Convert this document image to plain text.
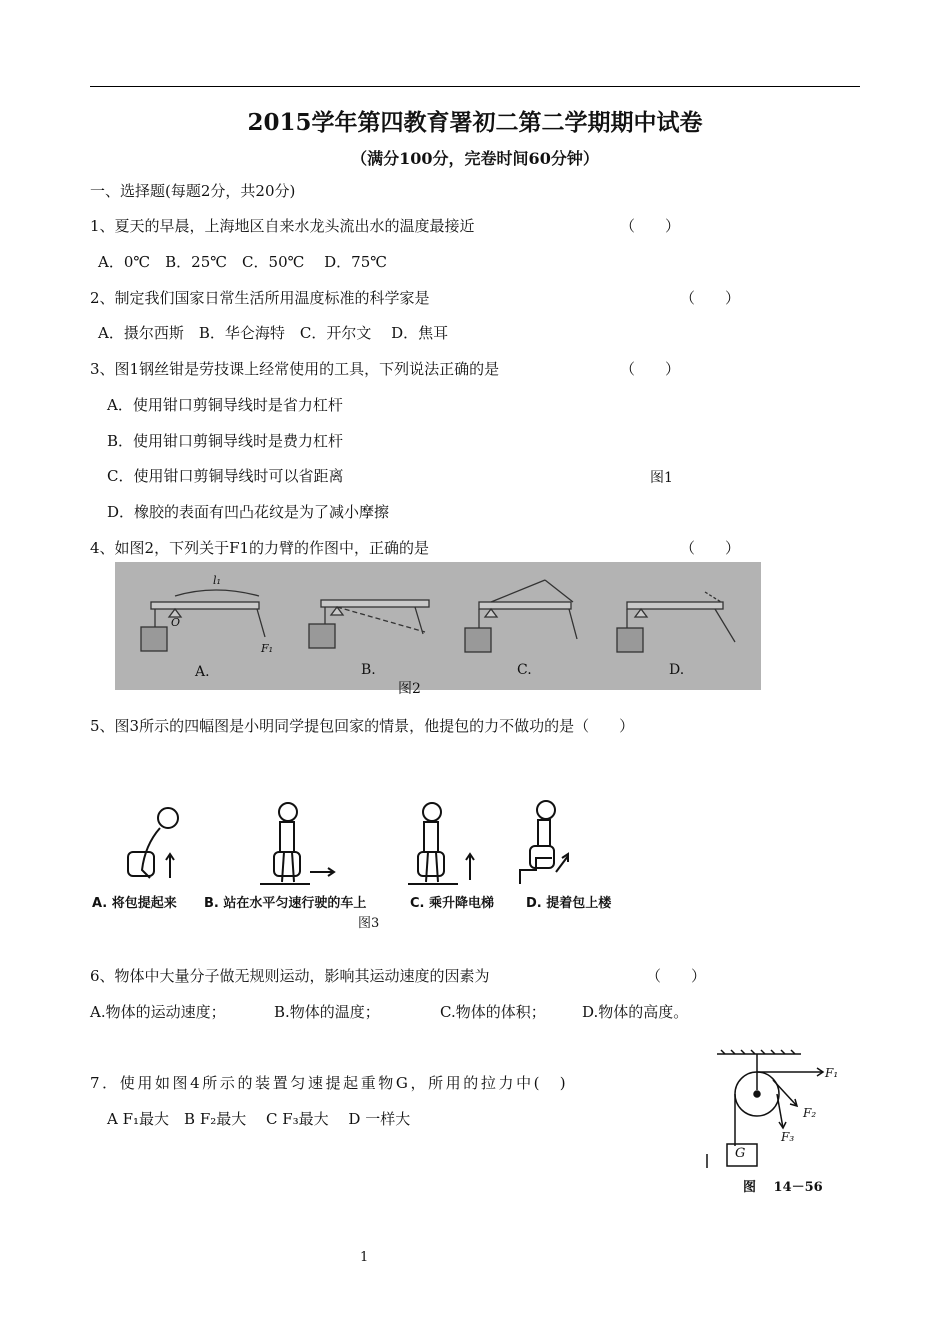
2015学年第四教育署初二第二学期期中试卷
（满分100分，完卷时间60分钟）
一、选择题(每题2分，共20分)
1、夏天的早晨，上海地区自来水龙头流出水的温度最接近	（　　）
A．0℃　B．25℃　C．50℃　 D．75℃
2、制定我们国家日常生活所用温度标准的科学家是	（　　）
A．摄尔西斯　B．华仑海特　C．开尔文　 D．焦耳
3、图1钢丝钳是劳技课上经常使用的工具，下列说法正确的是	（　　）
A．使用钳口剪铜导线时是省力杠杆
B．使用钳口剪铜导线时是费力杠杆
C．使用钳口剪铜导线时可以省距离	图1
D．橡胶的表面有凹凸花纹是为了减小摩擦
4、如图2，下列关于F1的力臂的作图中，正确的是	（　　）
A.	B.	C.	D.
O
F₁
l₁
图2
5、图3所示的四幅图是小明同学提包回家的情景，他提包的力不做功的是（　　）
A. 将包提起来 B. 站在水平匀速行驶的车上	C. 乘升降电梯 D. 提着包上楼
图3
6、物体中大量分子做无规则运动，影响其运动速度的因素为	（　　）
A.物体的运动速度；	B.物体的温度；	C.物体的体积； D.物体的高度。
7．使用如图4所示的装置匀速提起重物G，所用的拉力中(　)
A F₁最大　B F₂最大　 C F₃最大　 D 一样大
G
F₁
F₂
F₃
图　 14－56
1
